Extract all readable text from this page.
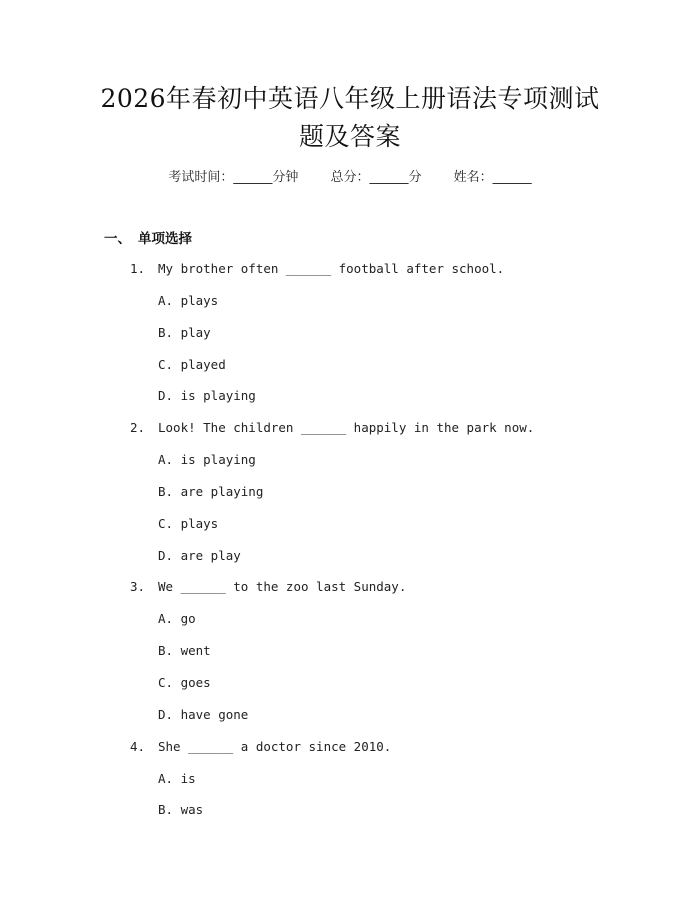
2026年春初中英语八年级上册语法专项测试
题及答案
考试时间：______分钟 总分：______分 姓名：______
一、 单项选择
1. My brother often ______ football after school.
A. plays
B. play
C. played
D. is playing
2. Look! The children ______ happily in the park now.
A. is playing
B. are playing
C. plays
D. are play
3. We ______ to the zoo last Sunday.
A. go
B. went
C. goes
D. have gone
4. She ______ a doctor since 2010.
A. is
B. was
